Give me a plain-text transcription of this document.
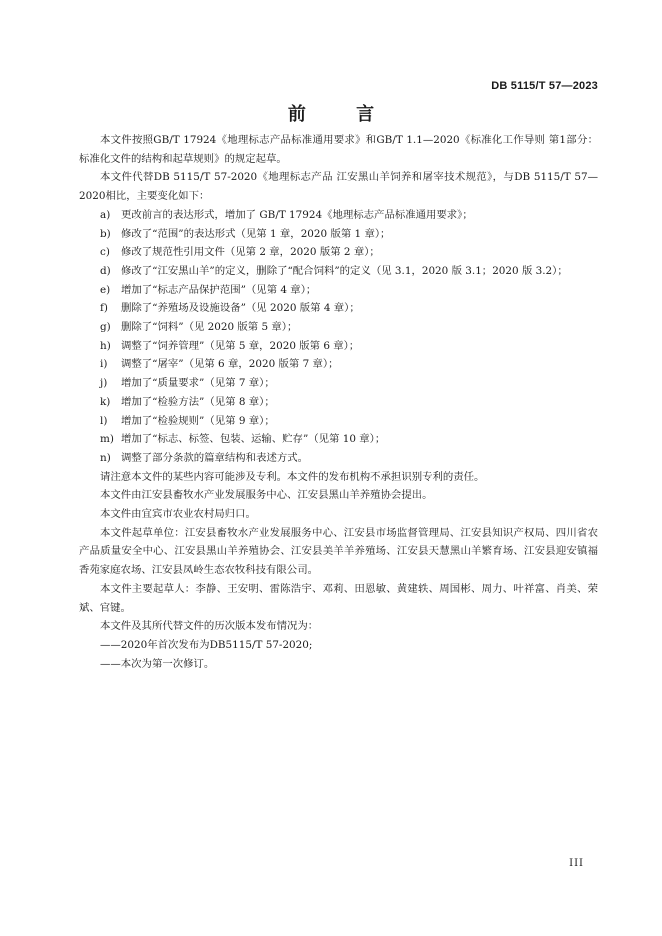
DB 5115/T 57—2023
前 言

本文件按照GB/T 17924《地理标志产品标准通用要求》和GB/T 1.1—2020《标准化工作导则 第1部分：标准化文件的结构和起草规则》的规定起草。

本文件代替DB 5115/T 57-2020《地理标志产品 江安黑山羊饲养和屠宰技术规范》，与DB 5115/T 57—2020相比，主要变化如下：

a) 更改前言的表达形式，增加了 GB/T 17924《地理标志产品标准通用要求》；

b) 修改了“范围”的表达形式（见第 1 章，2020 版第 1 章）；

c) 修改了规范性引用文件（见第 2 章，2020 版第 2 章）；

d) 修改了“江安黑山羊”的定义，删除了“配合饲料”的定义（见 3.1，2020 版 3.1；2020 版 3.2）；

e) 增加了“标志产品保护范围”（见第 4 章）；

f) 删除了“养殖场及设施设备”（见 2020 版第 4 章）；

g) 删除了“饲料”（见 2020 版第 5 章）；

h) 调整了“饲养管理”（见第 5 章，2020 版第 6 章）；

i) 调整了“屠宰”（见第 6 章，2020 版第 7 章）；

j) 增加了“质量要求”（见第 7 章）；

k) 增加了“检验方法”（见第 8 章）；

l) 增加了“检验规则”（见第 9 章）；

m) 增加了“标志、标签、包装、运输、贮存”（见第 10 章）；

n) 调整了部分条款的篇章结构和表述方式。

请注意本文件的某些内容可能涉及专利。本文件的发布机构不承担识别专利的责任。

本文件由江安县畜牧水产业发展服务中心、江安县黑山羊养殖协会提出。

本文件由宜宾市农业农村局归口。

本文件起草单位：江安县畜牧水产业发展服务中心、江安县市场监督管理局、江安县知识产权局、四川省农产品质量安全中心、江安县黑山羊养殖协会、江安县美羊羊养殖场、江安县天慧黑山羊繁育场、江安县迎安镇福香苑家庭农场、江安县凤岭生态农牧科技有限公司。

本文件主要起草人：李静、王安明、雷陈浩宇、邓莉、田恩敏、黄建轶、周国彬、周力、叶祥富、肖美、荣斌、官键。

本文件及其所代替文件的历次版本发布情况为：

——2020年首次发布为DB5115/T 57-2020;

——本次为第一次修订。

III
